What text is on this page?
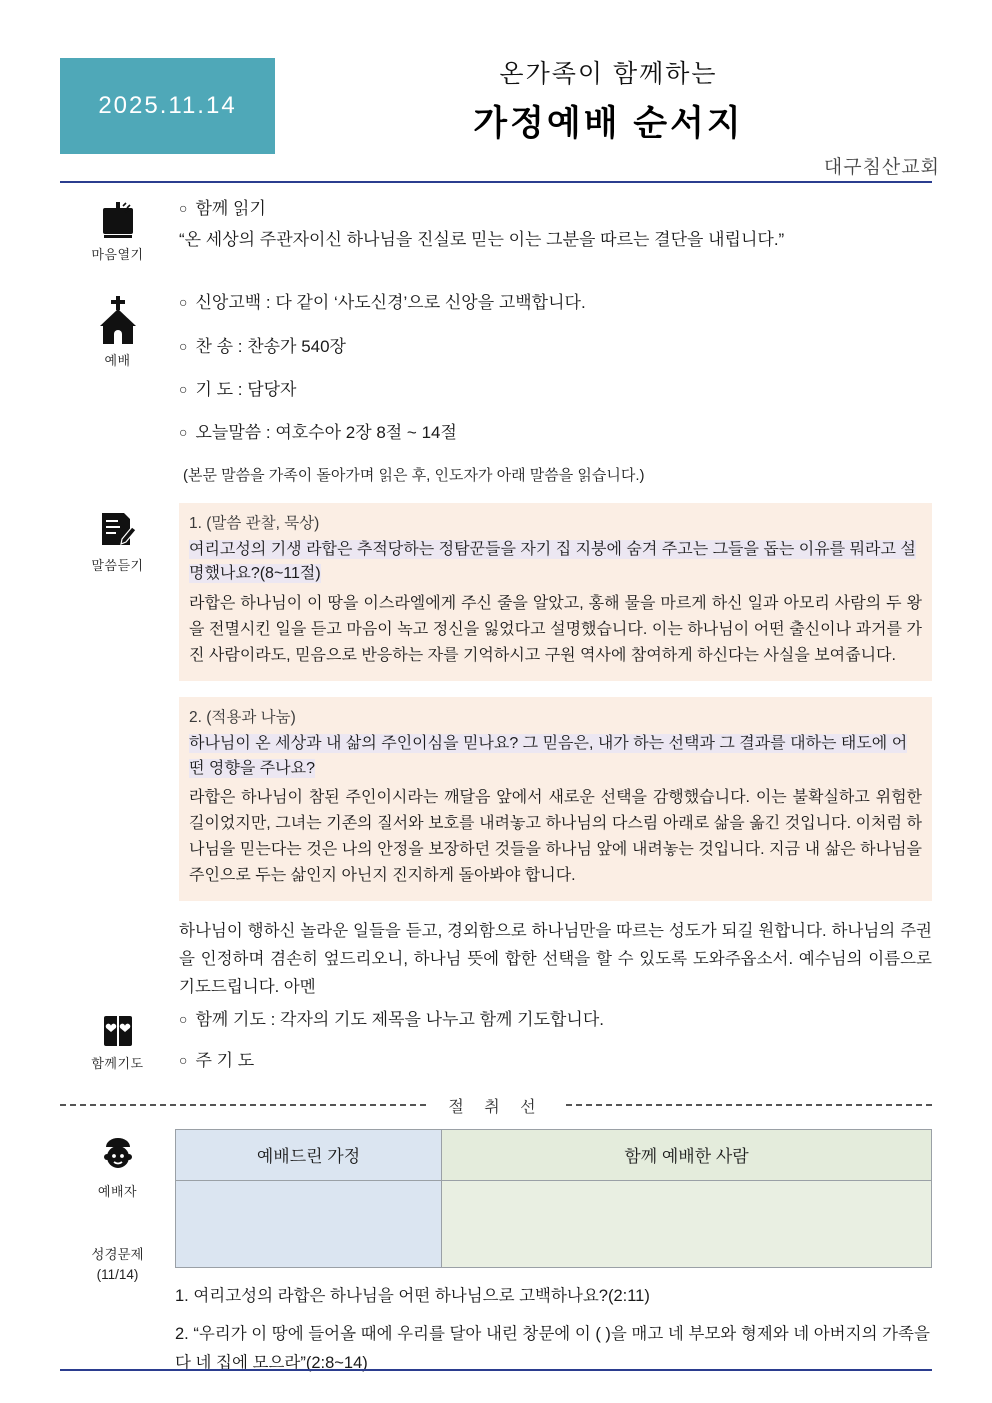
2025.11.14
온가족이 함께하는
가정예배 순서지
대구침산교회
마음열기
○ 함께 읽기
“온 세상의 주관자이신 하나님을 진실로 믿는 이는 그분을 따르는 결단을 내립니다.”
예배
○ 신앙고백 : 다 같이 ‘사도신경’으로 신앙을 고백합니다.
○ 찬 송 : 찬송가 540장
○ 기 도 : 담당자
○ 오늘말씀 : 여호수아 2장 8절 ~ 14절
(본문 말씀을 가족이 돌아가며 읽은 후, 인도자가 아래 말씀을 읽습니다.)
말씀듣기
1. (말씀 관찰, 묵상)
여리고성의 기생 라합은 추적당하는 정탐꾼들을 자기 집 지붕에 숨겨 주고는 그들을 돕는 이유를 뭐라고 설명했나요?(8~11절)
라합은 하나님이 이 땅을 이스라엘에게 주신 줄을 알았고, 홍해 물을 마르게 하신 일과 아모리 사람의 두 왕을 전멸시킨 일을 듣고 마음이 녹고 정신을 잃었다고 설명했습니다. 이는 하나님이 어떤 출신이나 과거를 가진 사람이라도, 믿음으로 반응하는 자를 기억하시고 구원 역사에 참여하게 하신다는 사실을 보여줍니다.
2. (적용과 나눔)
하나님이 온 세상과 내 삶의 주인이심을 믿나요? 그 믿음은, 내가 하는 선택과 그 결과를 대하는 태도에 어떤 영향을 주나요?
라합은 하나님이 참된 주인이시라는 깨달음 앞에서 새로운 선택을 감행했습니다. 이는 불확실하고 위험한 길이었지만, 그녀는 기존의 질서와 보호를 내려놓고 하나님의 다스림 아래로 삶을 옮긴 것입니다. 이처럼 하나님을 믿는다는 것은 나의 안정을 보장하던 것들을 하나님 앞에 내려놓는 것입니다. 지금 내 삶은 하나님을 주인으로 두는 삶인지 아닌지 진지하게 돌아봐야 합니다.
하나님이 행하신 놀라운 일들을 듣고, 경외함으로 하나님만을 따르는 성도가 되길 원합니다. 하나님의 주권을 인정하며 겸손히 엎드리오니, 하나님 뜻에 합한 선택을 할 수 있도록 도와주옵소서. 예수님의 이름으로 기도드립니다. 아멘
함께기도
○ 함께 기도 : 각자의 기도 제목을 나누고 함께 기도합니다.
○ 주 기 도
절 취 선
예배자
성경문제
(11/14)
예배드린 가정	함께 예배한 사람

1. 여리고성의 라합은 하나님을 어떤 하나님으로 고백하나요?(2:11)

2. “우리가 이 땅에 들어올 때에 우리를 달아 내린 창문에 이 ( )을 매고 네 부모와 형제와 네 아버지의 가족을 다 네 집에 모으라”(2:8~14)
